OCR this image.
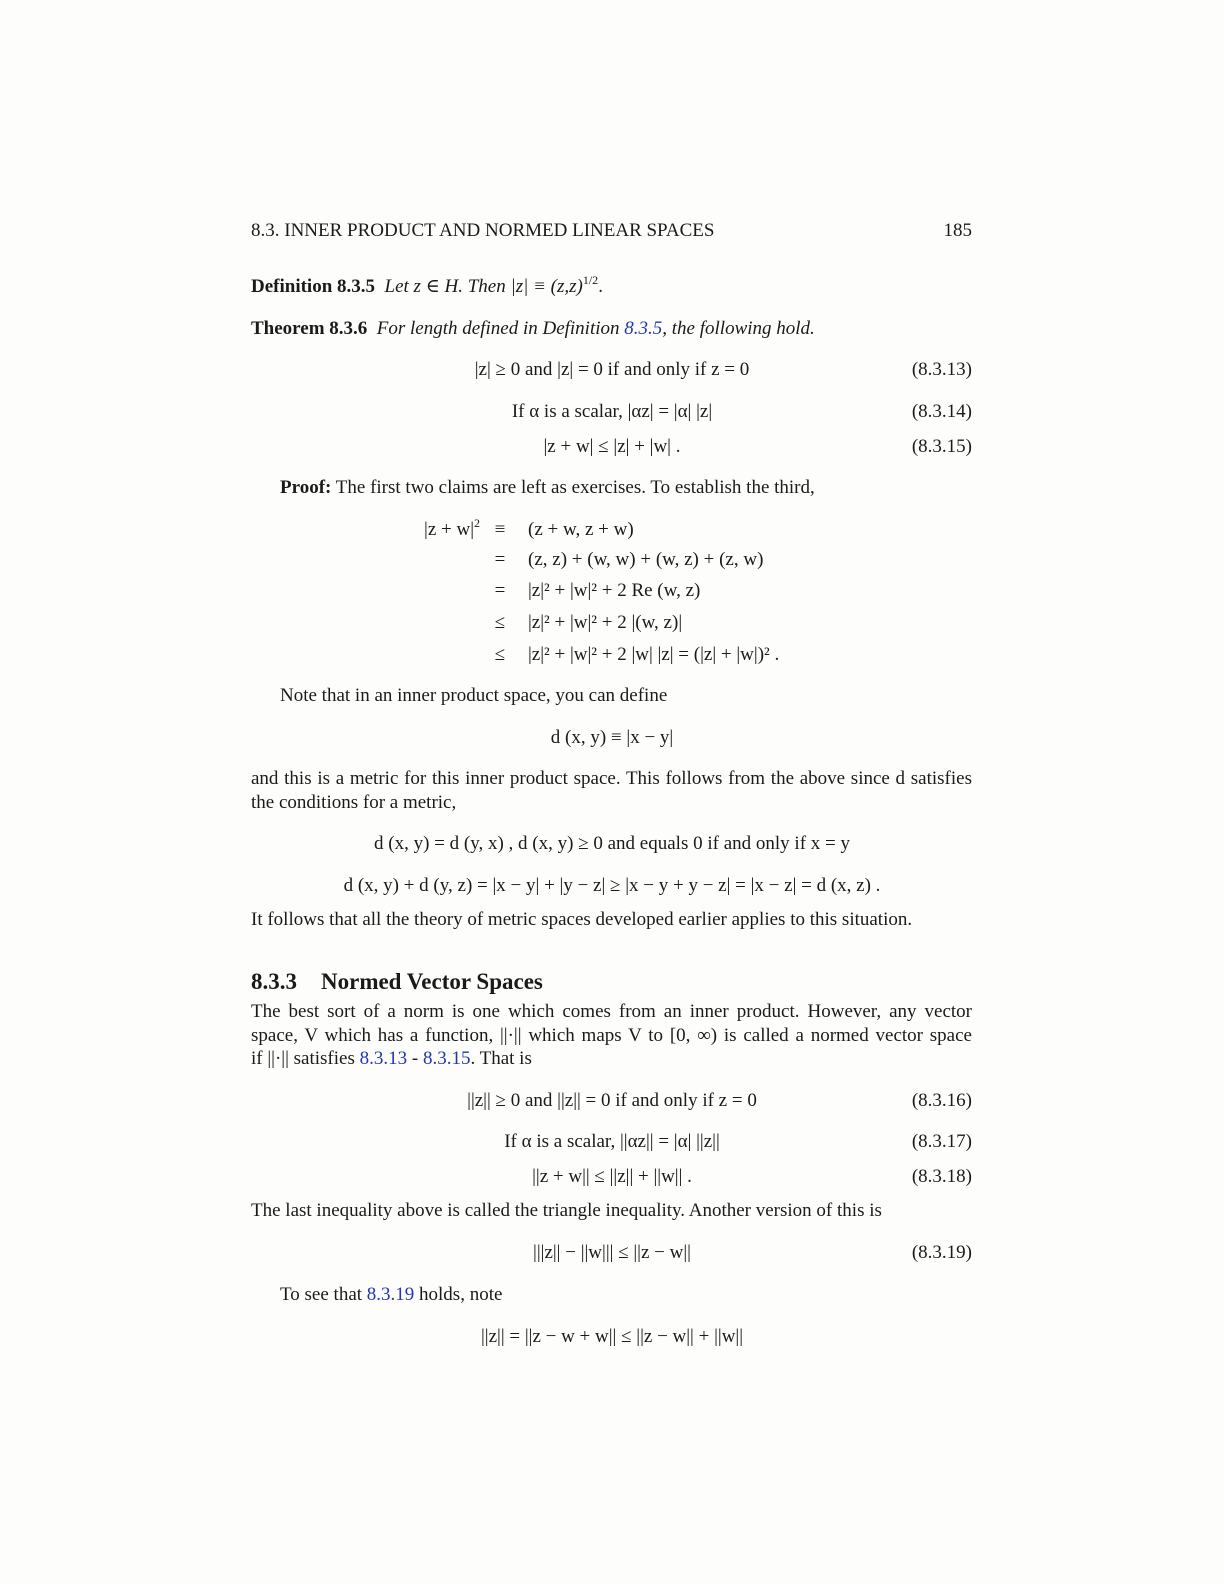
8.3. INNER PRODUCT AND NORMED LINEAR SPACES	185
Definition 8.3.5 Let z ∈ H. Then $|z| \equiv (z,z)^{1/2}$.
Theorem 8.3.6 For length defined in Definition 8.3.5, the following hold.
|z| ≥ 0 and |z| = 0 if and only if z = 0	(8.3.13)
If α is a scalar, |αz| = |α| |z|	(8.3.14)
|z + w| ≤ |z| + |w| .	(8.3.15)
Proof: The first two claims are left as exercises. To establish the third,
$|z + w|^2 \equiv (z + w$, z + w)
= (z, z) + (w, w) + (w, z) + (z, w)
= |z|² + |w|² + 2 Re (w, z)
≤ |z|² + |w|² + 2 |(w, z)|
≤ |z|² + |w|² + 2 |w| |z| = (|z| + |w|)² .
Note that in an inner product space, you can define
d (x, y) ≡ |x − y|
and this is a metric for this inner product space. This follows from the above since d satisfies the conditions for a metric,
d (x, y) = d (y, x) , d (x, y) ≥ 0 and equals 0 if and only if x = y
d (x, y) + d (y, z) = |x − y| + |y − z| ≥ |x − y + y − z| = |x − z| = d (x, z) .
It follows that all the theory of metric spaces developed earlier applies to this situation.
8.3.3 Normed Vector Spaces
The best sort of a norm is one which comes from an inner product. However, any vector
space, V which has a function, ||·|| which maps V to [0, ∞) is called a normed vector space
if ||·|| satisfies 8.3.13 - 8.3.15. That is
||z|| ≥ 0 and ||z|| = 0 if and only if z = 0	(8.3.16)
If α is a scalar, ||αz|| = |α| ||z||	(8.3.17)
||z + w|| ≤ ||z|| + ||w|| .	(8.3.18)
The last inequality above is called the triangle inequality. Another version of this is
|||z|| − ||w||| ≤ ||z − w||	(8.3.19)
To see that 8.3.19 holds, note
||z|| = ||z − w + w|| ≤ ||z − w|| + ||w||
